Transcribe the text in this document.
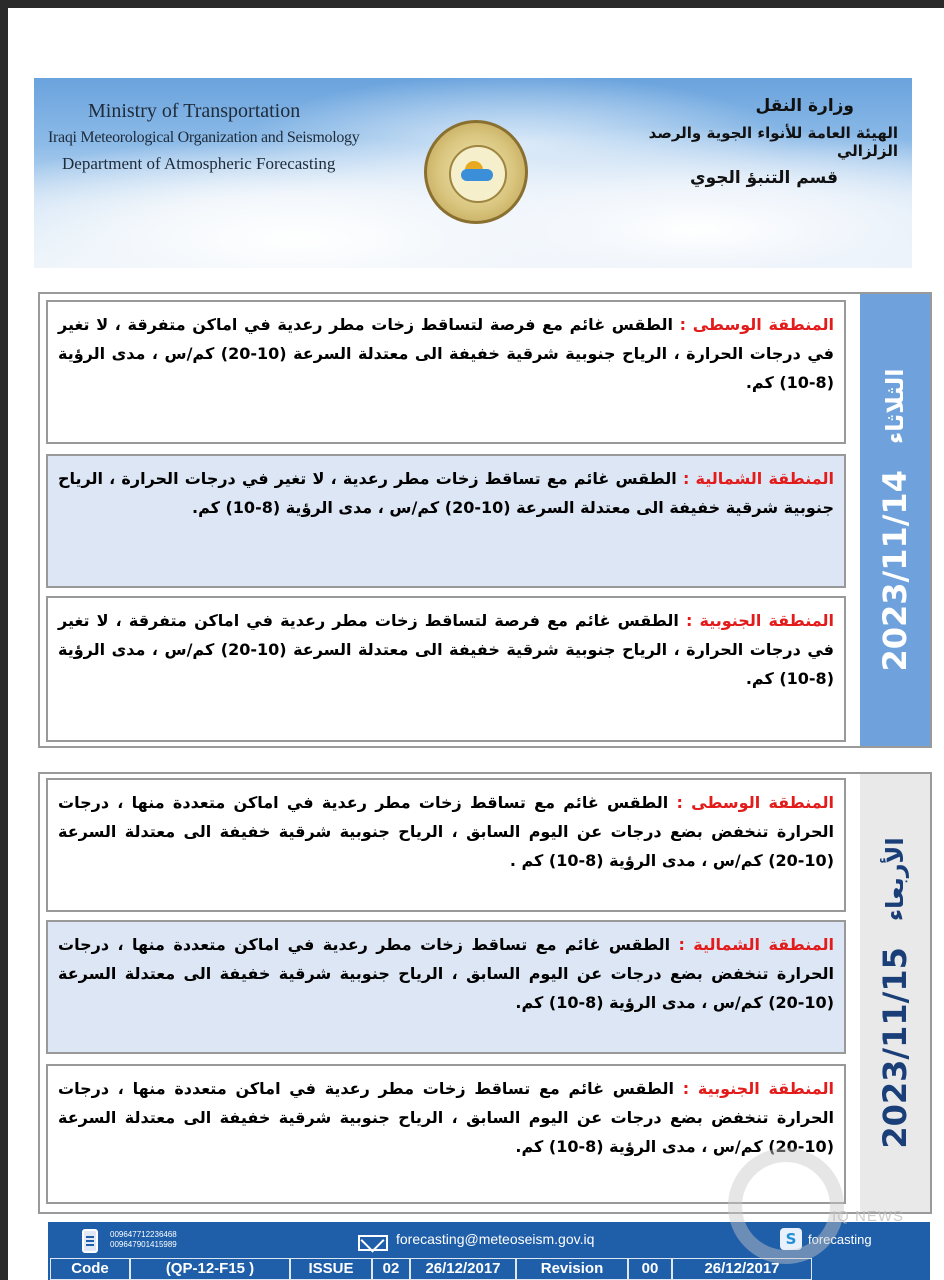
Ministry of Transportation
Iraqi Meteorological Organization and Seismology
Department of Atmospheric Forecasting
وزارة النقل
الهيئة العامة للأنواء الجوية والرصد الزلزالي
قسم التنبؤ الجوي
2023/11/14
الثلاثاء
المنطقة الوسطى : الطقس غائم مع فرصة لتساقط زخات مطر رعدية في اماكن متفرقة ، لا تغير في درجات الحرارة ، الرياح جنوبية شرقية خفيفة الى معتدلة السرعة (10-20) كم/س ، مدى الرؤية (8-10) كم.
المنطقة الشمالية : الطقس غائم مع تساقط زخات مطر رعدية ، لا تغير في درجات الحرارة ، الرياح جنوبية شرقية خفيفة الى معتدلة السرعة (10-20) كم/س ، مدى الرؤية (8-10) كم.
المنطقة الجنوبية : الطقس غائم مع فرصة لتساقط زخات مطر رعدية في اماكن متفرقة ، لا تغير في درجات الحرارة ، الرياح جنوبية شرقية خفيفة الى معتدلة السرعة (10-20) كم/س ، مدى الرؤية (8-10) كم.
2023/11/15
الأربعاء
المنطقة الوسطى : الطقس غائم مع تساقط زخات مطر رعدية في اماكن متعددة منها ، درجات الحرارة تنخفض بضع درجات عن اليوم السابق ، الرياح جنوبية شرقية خفيفة الى معتدلة السرعة (10-20) كم/س ، مدى الرؤية (8-10) كم .
المنطقة الشمالية : الطقس غائم مع تساقط زخات مطر رعدية في اماكن متعددة منها ، درجات الحرارة تنخفض بضع درجات عن اليوم السابق ، الرياح جنوبية شرقية خفيفة الى معتدلة السرعة (10-20) كم/س ، مدى الرؤية (8-10) كم.
المنطقة الجنوبية : الطقس غائم مع تساقط زخات مطر رعدية في اماكن متعددة منها ، درجات الحرارة تنخفض بضع درجات عن اليوم السابق ، الرياح جنوبية شرقية خفيفة الى معتدلة السرعة (10-20) كم/س ، مدى الرؤية (8-10) كم.
009647712236468
009647901415989	forecasting@meteoseism.gov.iq	S forecasting
Code	(QP-12-F15 )	ISSUE	02	26/12/2017	Revision	00	26/12/2017
IQ NEWS
